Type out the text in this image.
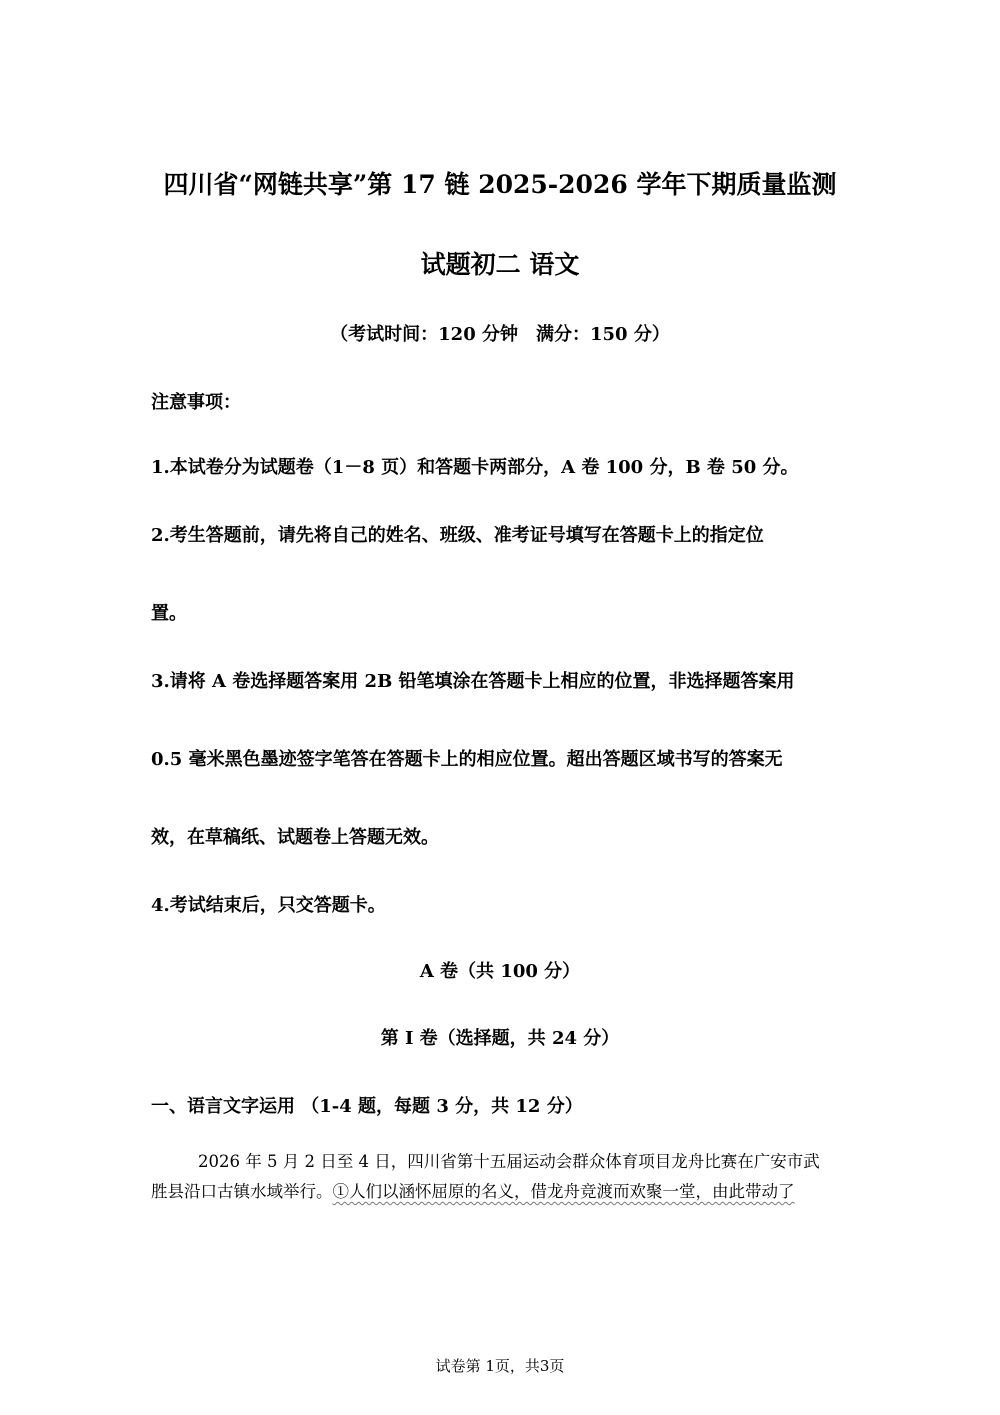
四川省“网链共享”第 17 链 2025-2026 学年下期质量监测
试题初二 语文
（考试时间：120 分钟　满分：150 分）
注意事项：
1.本试卷分为试题卷（1－8 页）和答题卡两部分，A 卷 100 分，B 卷 50 分。
2.考生答题前，请先将自己的姓名、班级、准考证号填写在答题卡上的指定位
置。
3.请将 A 卷选择题答案用 2B 铅笔填涂在答题卡上相应的位置，非选择题答案用
0.5 毫米黑色墨迹签字笔答在答题卡上的相应位置。超出答题区域书写的答案无
效，在草稿纸、试题卷上答题无效。
4.考试结束后，只交答题卡。
A 卷（共 100 分）
第 I 卷（选择题，共 24 分）
一、语言文字运用 （1-4 题，每题 3 分，共 12 分）
2026 年 5 月 2 日至 4 日，四川省第十五届运动会群众体育项目龙舟比赛在广安市武
胜县沿口古镇水域举行。①人们以涵怀屈原的名义，借龙舟竞渡而欢聚一堂，由此带动了
试卷第 1页，共3页
